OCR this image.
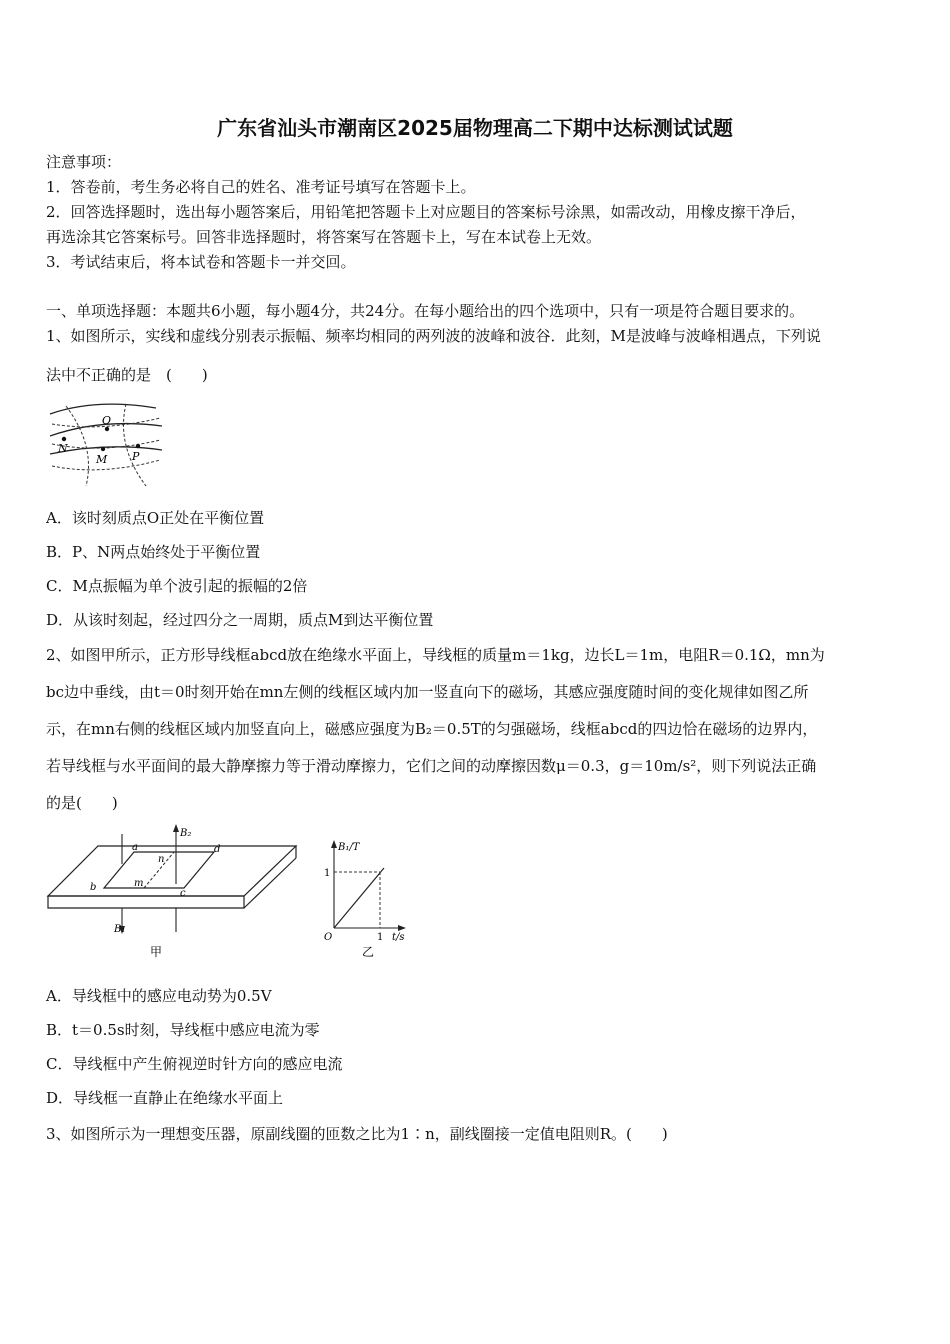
广东省汕头市潮南区2025届物理高二下期中达标测试试题
注意事项：
1．答卷前，考生务必将自己的姓名、准考证号填写在答题卡上。
2．回答选择题时，选出每小题答案后，用铅笔把答题卡上对应题目的答案标号涂黑，如需改动，用橡皮擦干净后，
再选涂其它答案标号。回答非选择题时，将答案写在答题卡上，写在本试卷上无效。
3．考试结束后，将本试卷和答题卡一并交回。
一、单项选择题：本题共6小题，每小题4分，共24分。在每小题给出的四个选项中，只有一项是符合题目要求的。
1、如图所示，实线和虚线分别表示振幅、频率均相同的两列波的波峰和波谷．此刻，M是波峰与波峰相遇点，下列说
法中不正确的是　(　　)
O
N
M P
A．该时刻质点O正处在平衡位置
B．P、N两点始终处于平衡位置
C．M点振幅为单个波引起的振幅的2倍
D．从该时刻起，经过四分之一周期，质点M到达平衡位置
2、如图甲所示，正方形导线框abcd放在绝缘水平面上，导线框的质量m＝1kg，边长L＝1m，电阻R＝0.1Ω，mn为
bc边中垂线，由t＝0时刻开始在mn左侧的线框区域内加一竖直向下的磁场，其感应强度随时间的变化规律如图乙所
示，在mn右侧的线框区域内加竖直向上，磁感应强度为B₂＝0.5T的匀强磁场，线框abcd的四边恰在磁场的边界内，
若导线框与水平面间的最大静摩擦力等于滑动摩擦力，它们之间的动摩擦因数μ＝0.3，g＝10m/s²，则下列说法正确
的是(　　)
B₂
B₁
a
b
c
d
m
n
甲
B₁/T
t/s
O
1
1
乙
A．导线框中的感应电动势为0.5V
B．t＝0.5s时刻，导线框中感应电流为零
C．导线框中产生俯视逆时针方向的感应电流
D．导线框一直静止在绝缘水平面上
3、如图所示为一理想变压器，原副线圈的匝数之比为1∶n，副线圈接一定值电阻则R。(　　)
